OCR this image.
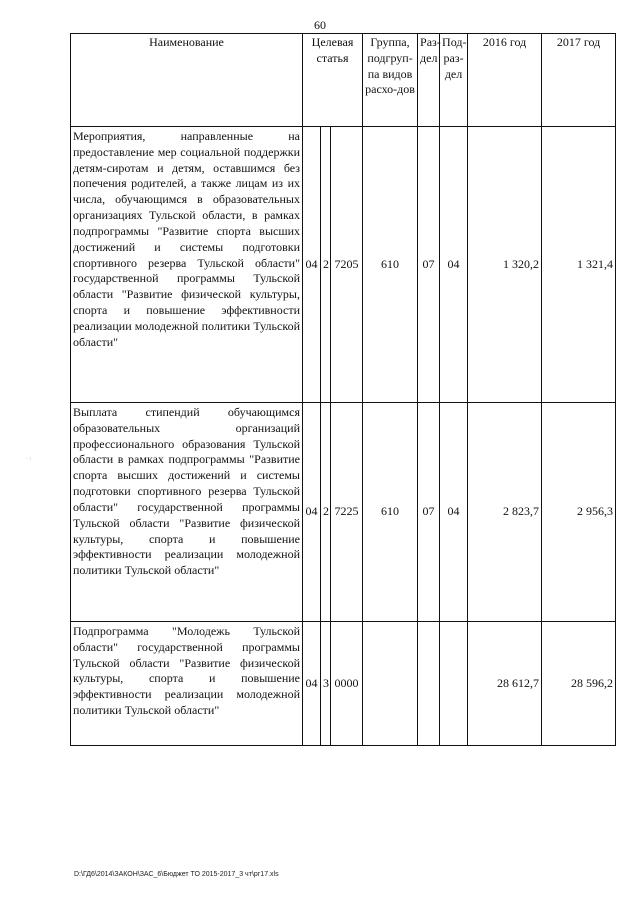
60
· :
Наименование	Целевая статья			Группа, подгруп-па видов расхо-дов	Раз-дел	Под-раз-дел	2016 год	2017 год
Мероприятия, направленные на предоставление мер социальной поддержки детям-сиротам и детям, оставшимся без попечения родителей, а также лицам из их числа, обучающимся в образовательных организациях Тульской области, в рамках подпрограммы "Развитие спорта высших достижений и системы подготовки спортивного резерва Тульской области" государственной программы Тульской области "Развитие физической культуры, спорта и повышение эффективности реализации молодежной политики Тульской области"	04	2	7205	610	07	04	1 320,2	1 321,4
Выплата стипендий обучающимся образовательных организаций профессионального образования Тульской области в рамках подпрограммы "Развитие спорта высших достижений и системы подготовки спортивного резерва Тульской области" государственной программы Тульской области "Развитие физической культуры, спорта и повышение эффективности реализации молодежной политики Тульской области"	04	2	7225	610	07	04	2 823,7	2 956,3
Подпрограмма "Молодежь Тульской области" государственной программы Тульской области "Развитие физической культуры, спорта и повышение эффективности реализации молодежной политики Тульской области"	04	3	0000				28 612,7	28 596,2
D:\ГД6\2014\ЗАКОН\ЗАС_6\Бюджет ТО 2015-2017_3 чт\рг17.xls
